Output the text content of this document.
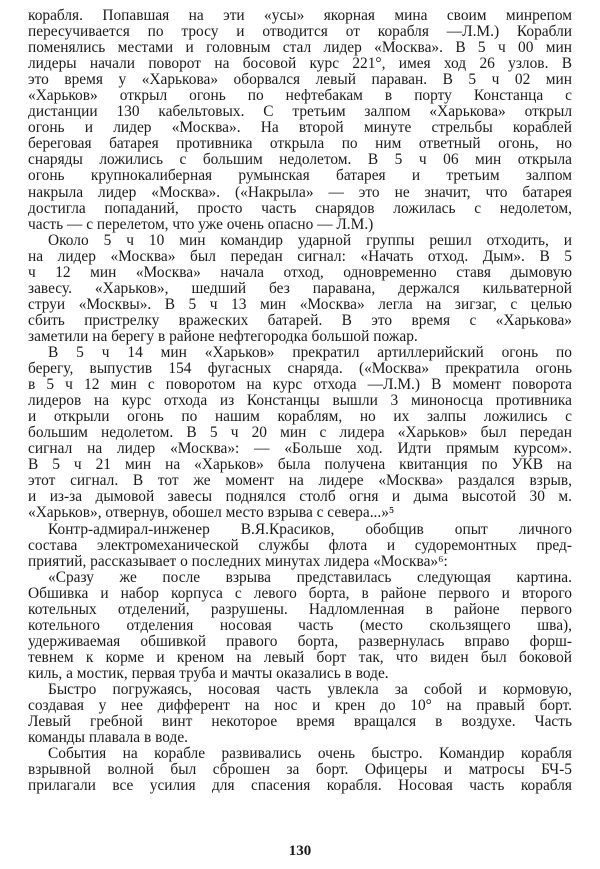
корабля. Попавшая на эти «усы» якорная мина своим минрепом
пересучивается по тросу и отводится от корабля —Л.М.) Корабли
поменялись местами и головным стал лидер «Москва». В 5 ч 00 мин
лидеры начали поворот на босовой курс 221°, имея ход 26 узлов. В
это время у «Харькова» оборвался левый параван. В 5 ч 02 мин
«Харьков» открыл огонь по нефтебакам в порту Констанца с
дистанции 130 кабельтовых. С третьим залпом «Харькова» открыл
огонь и лидер «Москва». На второй минуте стрельбы кораблей
береговая батарея противника открыла по ним ответный огонь, но
снаряды ложились с большим недолетом. В 5 ч 06 мин открыла
огонь крупнокалиберная румынская батарея и третьим залпом
накрыла лидер «Москва». («Накрыла» — это не значит, что батарея
достигла попаданий, просто часть снарядов ложилась с недолетом,
часть — с перелетом, что уже очень опасно — Л.М.)
Около 5 ч 10 мин командир ударной группы решил отходить, и
на лидер «Москва» был передан сигнал: «Начать отход. Дым». В 5
ч 12 мин «Москва» начала отход, одновременно ставя дымовую
завесу. «Харьков», шедший без паравана, держался кильватерной
струи «Москвы». В 5 ч 13 мин «Москва» легла на зигзаг, с целью
сбить пристрелку вражеских батарей. В это время с «Харькова»
заметили на берегу в районе нефтегородка большой пожар.
В 5 ч 14 мин «Харьков» прекратил артиллерийский огонь по
берегу, выпустив 154 фугасных снаряда. («Москва» прекратила огонь
в 5 ч 12 мин с поворотом на курс отхода —Л.М.) В момент поворота
лидеров на курс отхода из Констанцы вышли 3 миноносца противника
и открыли огонь по нашим кораблям, но их залпы ложились с
большим недолетом. В 5 ч 20 мин с лидера «Харьков» был передан
сигнал на лидер «Москва»: — «Больше ход. Идти прямым курсом».
В 5 ч 21 мин на «Харьков» была получена квитанция по УКВ на
этот сигнал. В тот же момент на лидере «Москва» раздался взрыв,
и из-за дымовой завесы поднялся столб огня и дыма высотой 30 м.
«Харьков», отвернув, обошел место взрыва с севера...»⁵
Контр-адмирал-инженер В.Я.Красиков, обобщив опыт личного
состава электромеханической службы флота и судоремонтных пред-
приятий, рассказывает о последних минутах лидера «Москва»⁶:
«Сразу же после взрыва представилась следующая картина.
Обшивка и набор корпуса с левого борта, в районе первого и второго
котельных отделений, разрушены. Надломленная в районе первого
котельного отделения носовая часть (место скользящего шва),
удерживаемая обшивкой правого борта, развернулась вправо форш-
тевнем к корме и креном на левый борт так, что виден был боковой
киль, а мостик, первая труба и мачты оказались в воде.
Быстро погружаясь, носовая часть увлекла за собой и кормовую,
создавая у нее дифферент на нос и крен до 10° на правый борт.
Левый гребной винт некоторое время вращался в воздухе. Часть
команды плавала в воде.
События на корабле развивались очень быстро. Командир корабля
взрывной волной был сброшен за борт. Офицеры и матросы БЧ-5
прилагали все усилия для спасения корабля. Носовая часть корабля
130
